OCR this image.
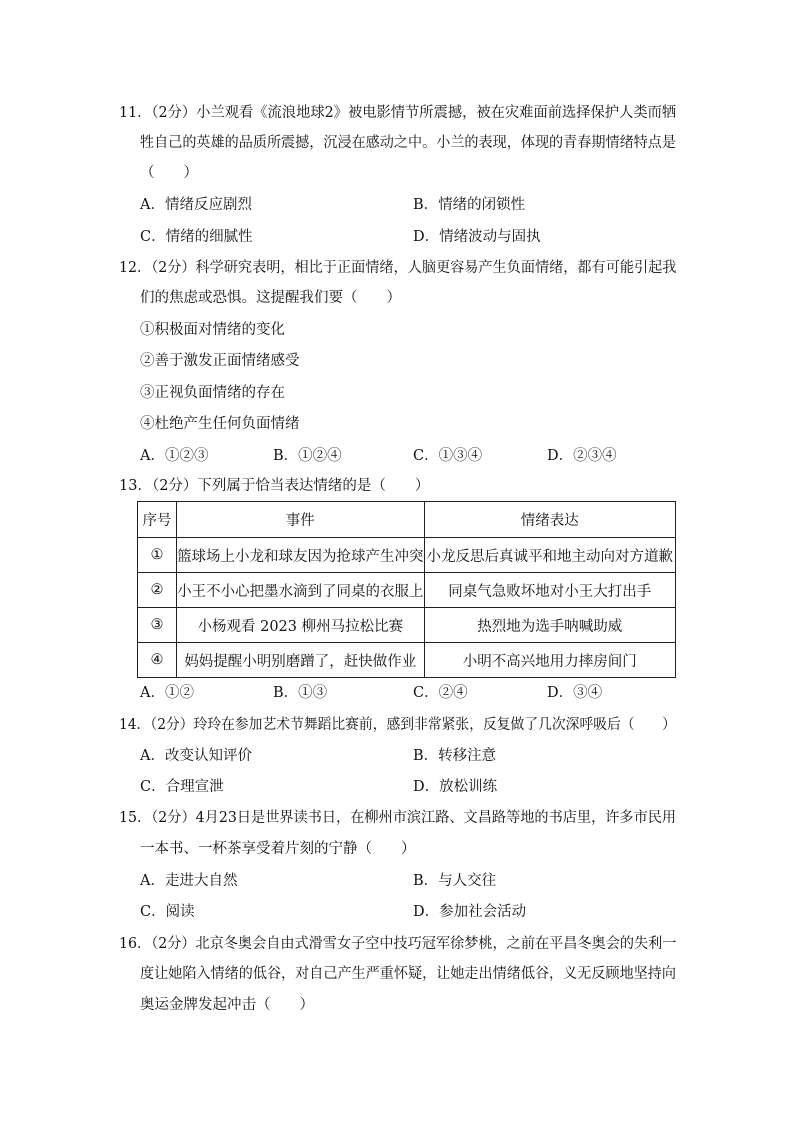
11．（2分）小兰观看《流浪地球2》被电影情节所震撼，被在灾难面前选择保护人类而牺
牲自己的英雄的品质所震撼，沉浸在感动之中。小兰的表现，体现的青春期情绪特点是
（　　）
A．情绪反应剧烈	B．情绪的闭锁性
C．情绪的细腻性	D．情绪波动与固执
12．（2分）科学研究表明，相比于正面情绪，人脑更容易产生负面情绪，都有可能引起我
们的焦虑或恐惧。这提醒我们要（　　）
①积极面对情绪的变化
②善于激发正面情绪感受
③正视负面情绪的存在
④杜绝产生任何负面情绪
A．①②③	B．①②④	C．①③④	D．②③④
13．（2分）下列属于恰当表达情绪的是（　　）
序号	事件	情绪表达
①	篮球场上小龙和球友因为抢球产生冲突	小龙反思后真诚平和地主动向对方道歉
②	小王不小心把墨水滴到了同桌的衣服上	同桌气急败坏地对小王大打出手
③	小杨观看 2023 柳州马拉松比赛	热烈地为选手呐喊助威
④	妈妈提醒小明别磨蹭了，赶快做作业	小明不高兴地用力摔房间门
A．①②	B．①③	C．②④	D．③④
14．（2分）玲玲在参加艺术节舞蹈比赛前，感到非常紧张，反复做了几次深呼吸后（　　）
A．改变认知评价	B．转移注意
C．合理宣泄	D．放松训练
15．（2分）4月23日是世界读书日，在柳州市滨江路、文昌路等地的书店里，许多市民用
一本书、一杯茶享受着片刻的宁静（　　）
A．走进大自然	B．与人交往
C．阅读	D．参加社会活动
16．（2分）北京冬奥会自由式滑雪女子空中技巧冠军徐梦桃，之前在平昌冬奥会的失利一
度让她陷入情绪的低谷，对自己产生严重怀疑，让她走出情绪低谷，义无反顾地坚持向
奥运金牌发起冲击（　　）
